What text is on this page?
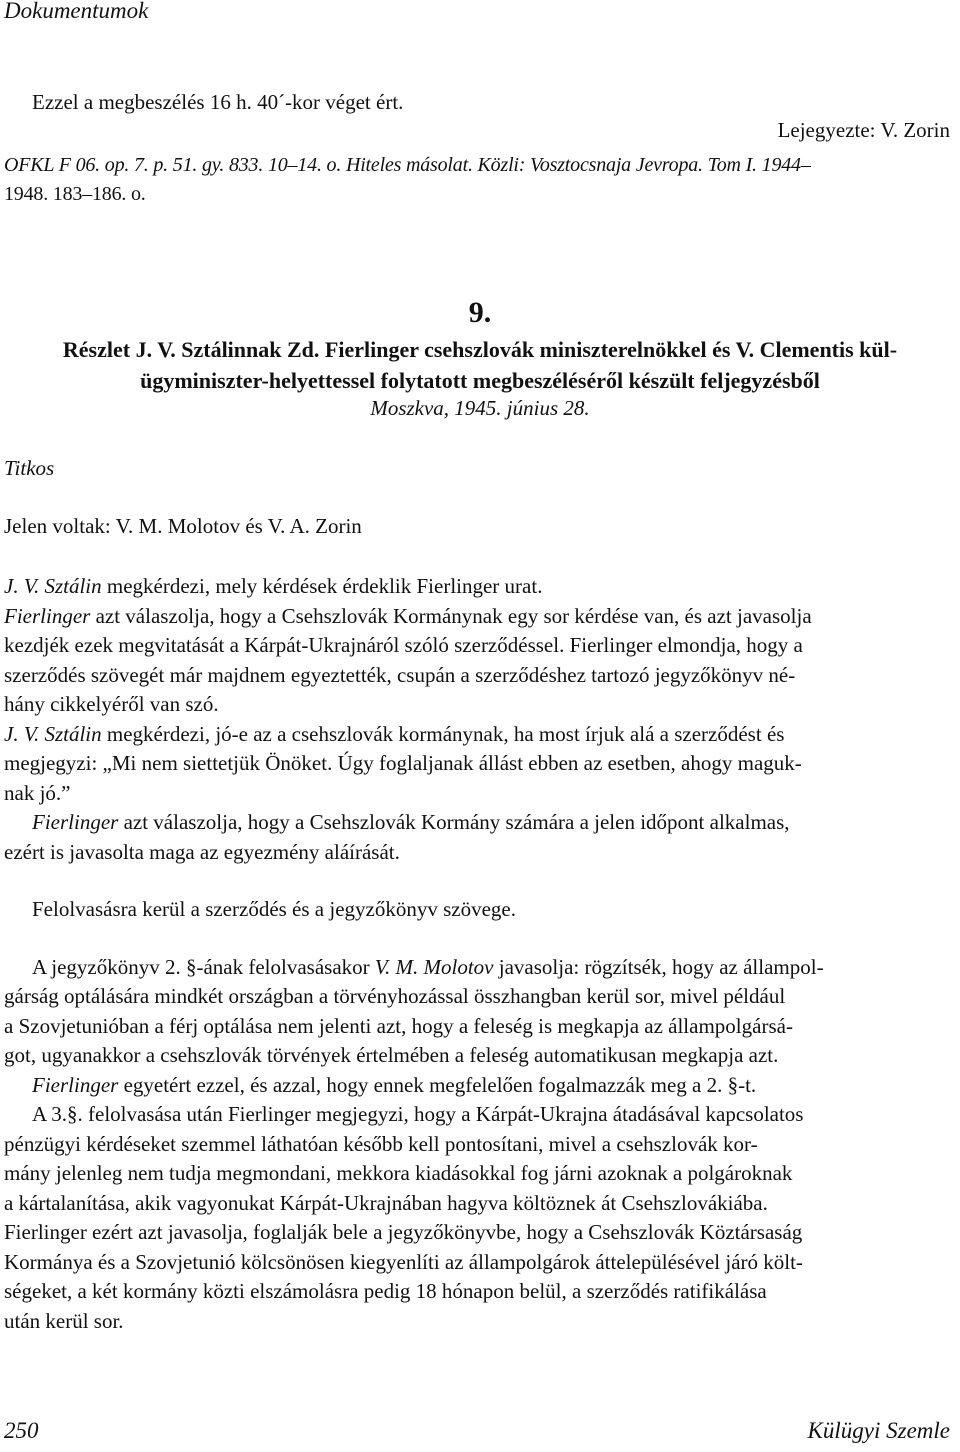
Dokumentumok
Ezzel a megbeszélés 16 h. 40´-kor véget ért.
Lejegyezte: V. Zorin
OFKL F 06. op. 7. p. 51. gy. 833. 10–14. o. Hiteles másolat. Közli: Vosztocsnaja Jevropa. Tom I. 1944–
1948. 183–186. o.
9.
Részlet J. V. Sztálinnak Zd. Fierlinger csehszlovák miniszterelnökkel és V. Clementis kül-
ügyminiszter-helyettessel folytatott megbeszéléséről készült feljegyzésből
Moszkva, 1945. június 28.
Titkos
Jelen voltak: V. M. Molotov és V. A. Zorin
J. V. Sztálin megkérdezi, mely kérdések érdeklik Fierlinger urat.
Fierlinger azt válaszolja, hogy a Csehszlovák Kormánynak egy sor kérdése van, és azt javasolja
kezdjék ezek megvitatását a Kárpát-Ukrajnáról szóló szerződéssel. Fierlinger elmondja, hogy a
szerződés szövegét már majdnem egyeztették, csupán a szerződéshez tartozó jegyzőkönyv né-
hány cikkelyéről van szó.
J. V. Sztálin megkérdezi, jó-e az a csehszlovák kormánynak, ha most írjuk alá a szerződést és
megjegyzi: „Mi nem siettetjük Önöket. Úgy foglaljanak állást ebben az esetben, ahogy maguk-
nak jó.”
Fierlinger azt válaszolja, hogy a Csehszlovák Kormány számára a jelen időpont alkalmas,
ezért is javasolta maga az egyezmény aláírását.
Felolvasásra kerül a szerződés és a jegyzőkönyv szövege.
A jegyzőkönyv 2. §-ának felolvasásakor V. M. Molotov javasolja: rögzítsék, hogy az állampol-
gárság optálására mindkét országban a törvényhozással összhangban kerül sor, mivel például
a Szovjetunióban a férj optálása nem jelenti azt, hogy a feleség is megkapja az állampolgársá-
got, ugyanakkor a csehszlovák törvények értelmében a feleség automatikusan megkapja azt.
Fierlinger egyetért ezzel, és azzal, hogy ennek megfelelően fogalmazzák meg a 2. §-t.
A 3.§. felolvasása után Fierlinger megjegyzi, hogy a Kárpát-Ukrajna átadásával kapcsolatos
pénzügyi kérdéseket szemmel láthatóan később kell pontosítani, mivel a csehszlovák kor-
mány jelenleg nem tudja megmondani, mekkora kiadásokkal fog járni azoknak a polgároknak
a kártalanítása, akik vagyonukat Kárpát-Ukrajnában hagyva költöznek át Csehszlovákiába.
Fierlinger ezért azt javasolja, foglalják bele a jegyzőkönyvbe, hogy a Csehszlovák Köztársaság
Kormánya és a Szovjetunió kölcsönösen kiegyenlíti az állampolgárok áttelepülésével járó költ-
ségeket, a két kormány közti elszámolásra pedig 18 hónapon belül, a szerződés ratifikálása
után kerül sor.
250	Külügyi Szemle
